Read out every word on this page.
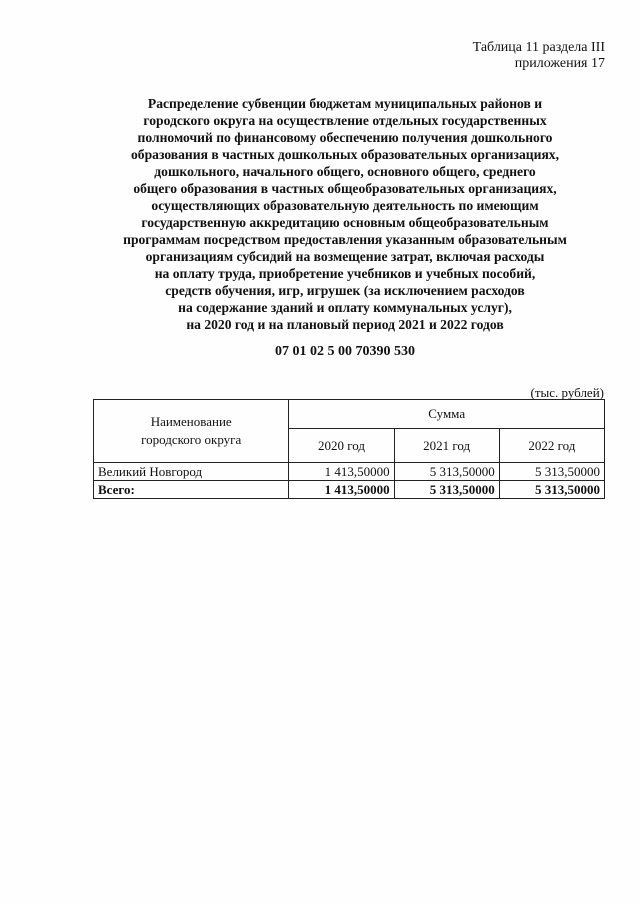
Таблица 11 раздела III
приложения 17
Распределение субвенции бюджетам муниципальных районов и
городского округа на осуществление отдельных государственных
полномочий по финансовому обеспечению получения дошкольного
образования в частных дошкольных образовательных организациях,
дошкольного, начального общего, основного общего, среднего
общего образования в частных общеобразовательных организациях,
осуществляющих образовательную деятельность по имеющим
государственную аккредитацию основным общеобразовательным
программам посредством предоставления указанным образовательным
организациям субсидий на возмещение затрат, включая расходы
на оплату труда, приобретение учебников и учебных пособий,
средств обучения, игр, игрушек (за исключением расходов
на содержание зданий и оплату коммунальных услуг),
на 2020 год и на плановый период 2021 и 2022 годов
07 01 02 5 00 70390 530
(тыс. рублей)
Наименование
городского округа	Сумма		
	2020 год	2021 год	2022 год
Великий Новгород	1 413,50000	5 313,50000	5 313,50000
Всего:	1 413,50000	5 313,50000	5 313,50000
